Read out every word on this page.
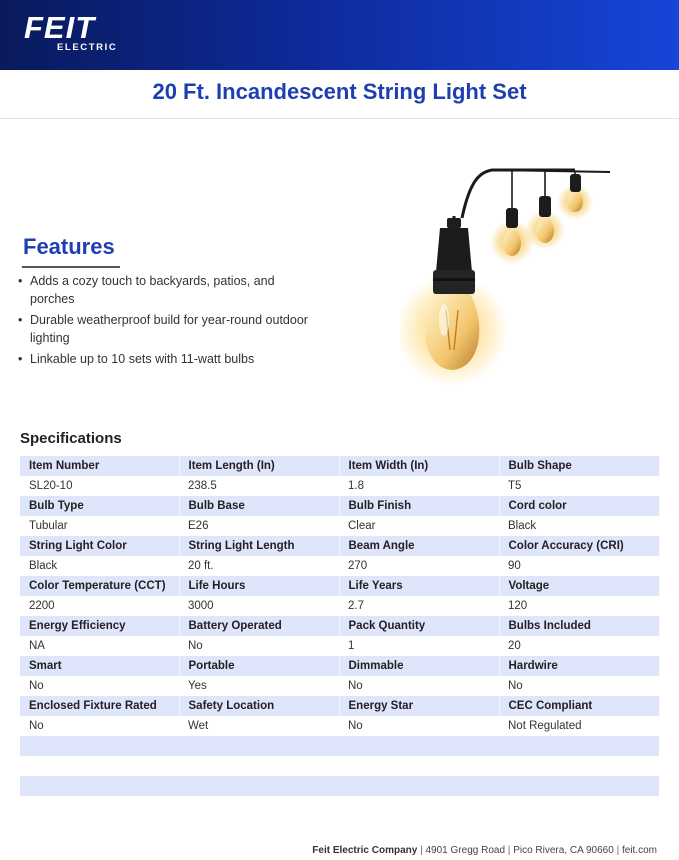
FEIT
ELECTRIC
20 Ft. Incandescent String Light Set
Features
• Adds a cozy touch to backyards, patios, and porches
• Durable weatherproof build for year-round outdoor lighting
• Linkable up to 10 sets with 11-watt bulbs
Specifications
Item Number	Item Length (In)	Item Width (In)	Bulb Shape
SL20-10	238.5	1.8	T5
Bulb Type	Bulb Base	Bulb Finish	Cord color
Tubular	E26	Clear	Black
String Light Color	String Light Length	Beam Angle	Color Accuracy (CRI)
Black	20 ft.	270	90
Color Temperature (CCT)	Life Hours	Life Years	Voltage
2200	3000	2.7	120
Energy Efficiency	Battery Operated	Pack Quantity	Bulbs Included
NA	No	1	20
Smart	Portable	Dimmable	Hardwire
No	Yes	No	No
Enclosed Fixture Rated	Safety Location	Energy Star	CEC Compliant
No	Wet	No	Not Regulated

Feit Electric Company | 4901 Gregg Road | Pico Rivera, CA 90660 | feit.com
